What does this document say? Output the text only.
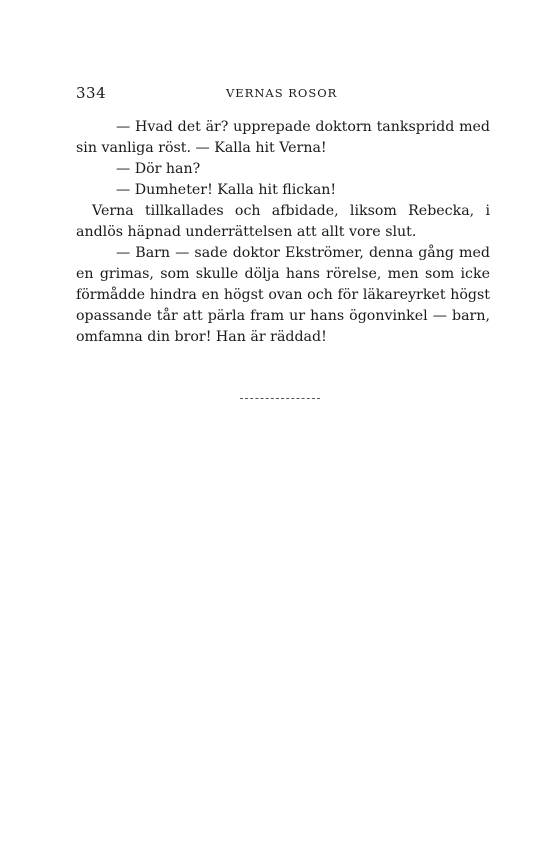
334	VERNAS ROSOR
— Hvad det är? upprepade doktorn tankspridd med
sin vanliga röst. — Kalla hit Verna!
— Dör han?
— Dumheter! Kalla hit flickan!
Verna tillkallades och afbidade, liksom Rebecka, i
andlös häpnad underrättelsen att allt vore slut.
— Barn — sade doktor Ekströmer, denna gång med
en grimas, som skulle dölja hans rörelse, men som icke
förmådde hindra en högst ovan och för läkareyrket högst
opassande tår att pärla fram ur hans ögonvinkel — barn,
omfamna din bror! Han är räddad!
